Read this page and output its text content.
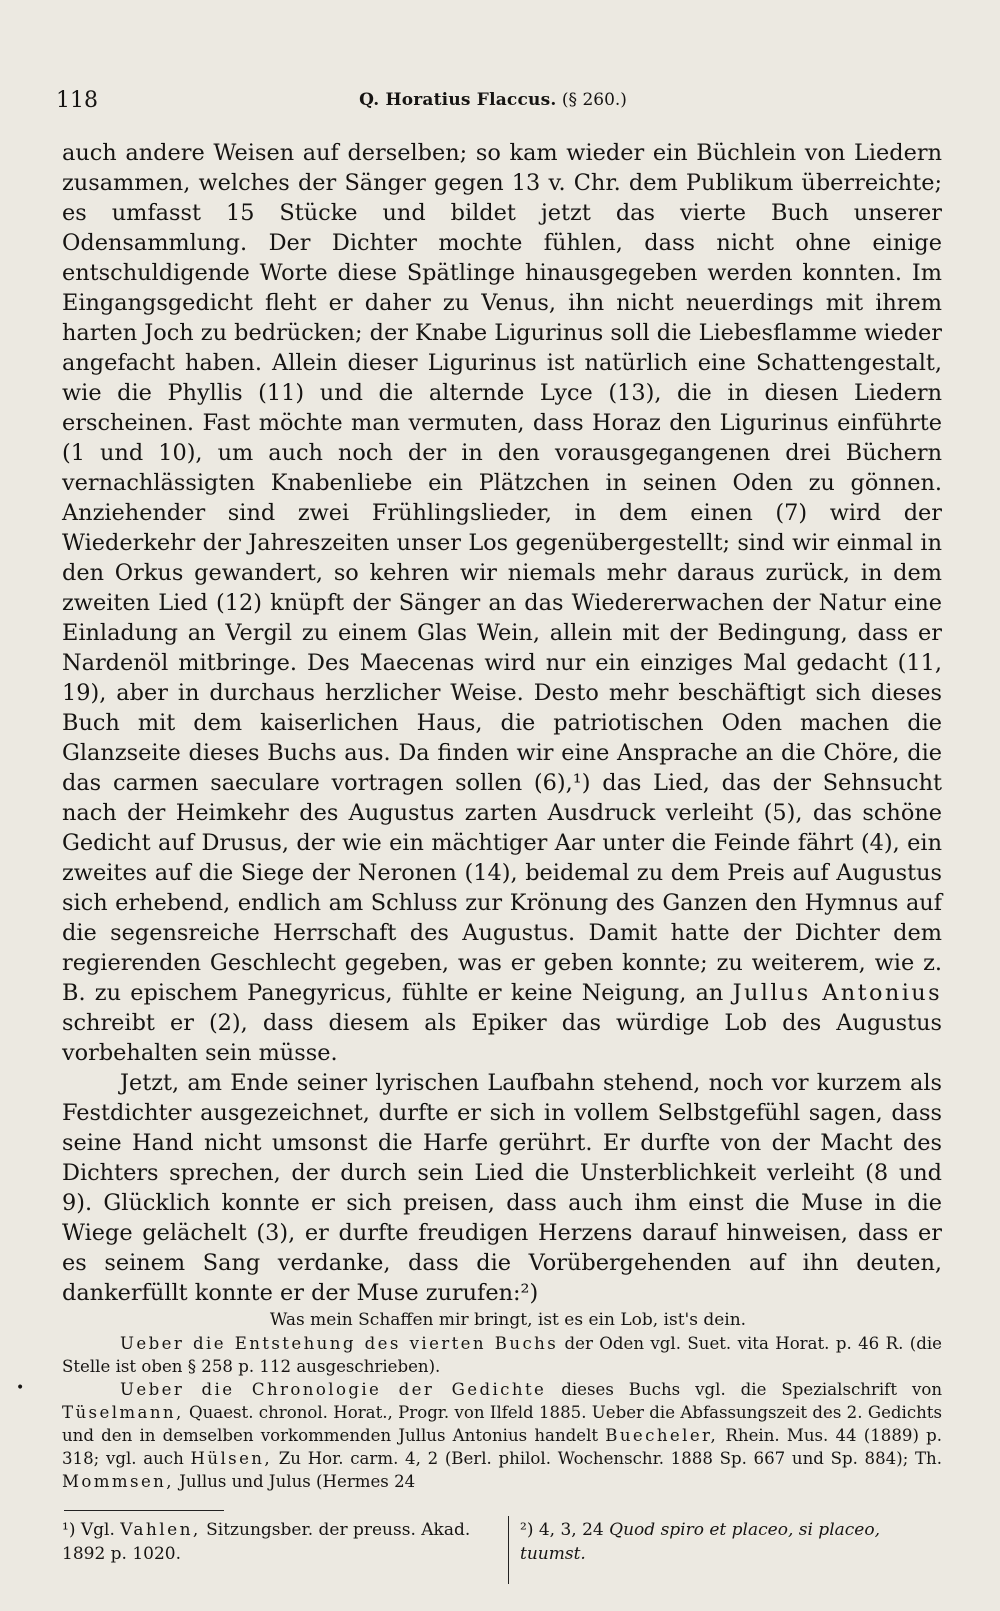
118	Q. Horatius Flaccus. (§ 260.)

auch andere Weisen auf derselben; so kam wieder ein Büchlein von Liedern zusammen, welches der Sänger gegen 13 v. Chr. dem Publikum überreichte; es umfasst 15 Stücke und bildet jetzt das vierte Buch unserer Odensammlung. Der Dichter mochte fühlen, dass nicht ohne einige entschuldigende Worte diese Spätlinge hinausgegeben werden konnten. Im Eingangsgedicht fleht er daher zu Venus, ihn nicht neuerdings mit ihrem harten Joch zu bedrücken; der Knabe Ligurinus soll die Liebesflamme wieder angefacht haben. Allein dieser Ligurinus ist natürlich eine Schattengestalt, wie die Phyllis (11) und die alternde Lyce (13), die in diesen Liedern erscheinen. Fast möchte man vermuten, dass Horaz den Ligurinus einführte (1 und 10), um auch noch der in den vorausgegangenen drei Büchern vernachlässigten Knabenliebe ein Plätzchen in seinen Oden zu gönnen. Anziehender sind zwei Frühlingslieder, in dem einen (7) wird der Wiederkehr der Jahreszeiten unser Los gegenübergestellt; sind wir einmal in den Orkus gewandert, so kehren wir niemals mehr daraus zurück, in dem zweiten Lied (12) knüpft der Sänger an das Wiedererwachen der Natur eine Einladung an Vergil zu einem Glas Wein, allein mit der Bedingung, dass er Nardenöl mitbringe. Des Maecenas wird nur ein einziges Mal gedacht (11, 19), aber in durchaus herzlicher Weise. Desto mehr beschäftigt sich dieses Buch mit dem kaiserlichen Haus, die patriotischen Oden machen die Glanzseite dieses Buchs aus. Da finden wir eine Ansprache an die Chöre, die das carmen saeculare vortragen sollen (6),¹) das Lied, das der Sehnsucht nach der Heimkehr des Augustus zarten Ausdruck verleiht (5), das schöne Gedicht auf Drusus, der wie ein mächtiger Aar unter die Feinde fährt (4), ein zweites auf die Siege der Neronen (14), beidemal zu dem Preis auf Augustus sich erhebend, endlich am Schluss zur Krönung des Ganzen den Hymnus auf die segensreiche Herrschaft des Augustus. Damit hatte der Dichter dem regierenden Geschlecht gegeben, was er geben konnte; zu weiterem, wie z. B. zu epischem Panegyricus, fühlte er keine Neigung, an Jullus Antonius schreibt er (2), dass diesem als Epiker das würdige Lob des Augustus vorbehalten sein müsse.

Jetzt, am Ende seiner lyrischen Laufbahn stehend, noch vor kurzem als Festdichter ausgezeichnet, durfte er sich in vollem Selbstgefühl sagen, dass seine Hand nicht umsonst die Harfe gerührt. Er durfte von der Macht des Dichters sprechen, der durch sein Lied die Unsterblichkeit verleiht (8 und 9). Glücklich konnte er sich preisen, dass auch ihm einst die Muse in die Wiege gelächelt (3), er durfte freudigen Herzens darauf hinweisen, dass er es seinem Sang verdanke, dass die Vorübergehenden auf ihn deuten, dankerfüllt konnte er der Muse zurufen:²)

Was mein Schaffen mir bringt, ist es ein Lob, ist's dein.

•

Ueber die Entstehung des vierten Buchs der Oden vgl. Suet. vita Horat. p. 46 R. (die Stelle ist oben § 258 p. 112 ausgeschrieben).

Ueber die Chronologie der Gedichte dieses Buchs vgl. die Spezialschrift von Tüselmann, Quaest. chronol. Horat., Progr. von Ilfeld 1885. Ueber die Abfassungszeit des 2. Gedichts und den in demselben vorkommenden Jullus Antonius handelt Buecheler, Rhein. Mus. 44 (1889) p. 318; vgl. auch Hülsen, Zu Hor. carm. 4, 2 (Berl. philol. Wochenschr. 1888 Sp. 667 und Sp. 884); Th. Mommsen, Jullus und Julus (Hermes 24

¹) Vgl. Vahlen, Sitzungsber. der preuss. Akad. 1892 p. 1020.
²) 4, 3, 24 Quod spiro et placeo, si placeo, tuumst.
